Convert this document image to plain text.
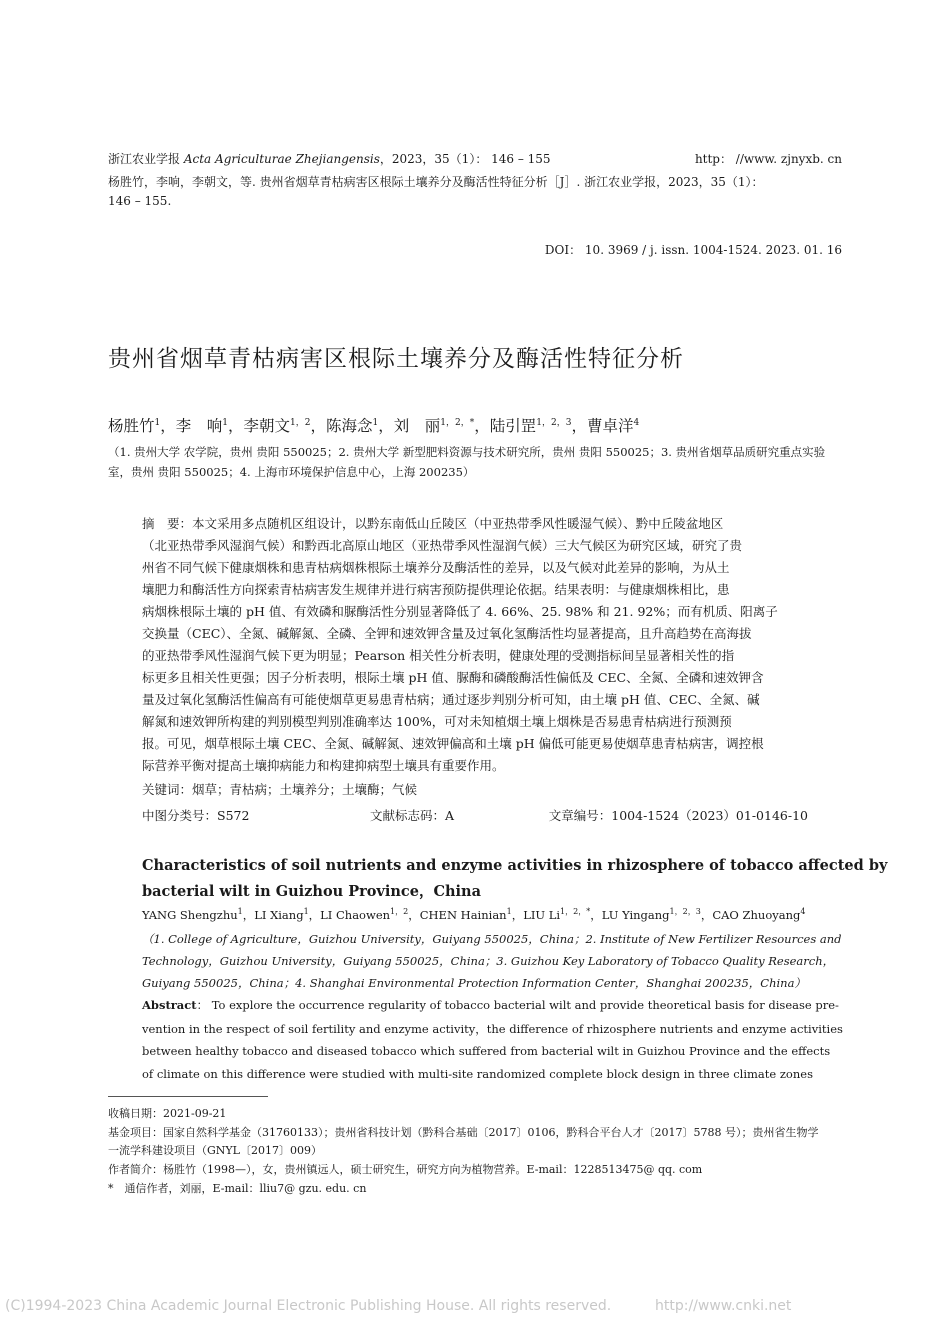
浙江农业学报 Acta Agriculturae Zhejiangensis，2023，35（1）： 146 – 155	http： //www. zjnyxb. cn
杨胜竹，李响，李朝文，等. 贵州省烟草青枯病害区根际土壤养分及酶活性特征分析［J］. 浙江农业学报，2023，35（1）：
146 – 155.
DOI： 10. 3969 / j. issn. 1004-1524. 2023. 01. 16
贵州省烟草青枯病害区根际土壤养分及酶活性特征分析
杨胜竹$^1$，李　响$^1$，李朝文$^{1,2}$，陈海念$^1$，刘　丽$^{1,2,*}$，陆引罡$^{1,2,3}$，曹卓洋$^4$
（1. 贵州大学 农学院，贵州 贵阳 550025；2. 贵州大学 新型肥料资源与技术研究所，贵州 贵阳 550025；3. 贵州省烟草品质研究重点实验室，贵州 贵阳 550025；4. 上海市环境保护信息中心，上海 200235）
摘　要：本文采用多点随机区组设计，以黔东南低山丘陵区（中亚热带季风性暖湿气候）、黔中丘陵盆地区
（北亚热带季风湿润气候）和黔西北高原山地区（亚热带季风性湿润气候）三大气候区为研究区域，研究了贵
州省不同气候下健康烟株和患青枯病烟株根际土壤养分及酶活性的差异，以及气候对此差异的影响，为从土
壤肥力和酶活性方向探索青枯病害发生规律并进行病害预防提供理论依据。结果表明：与健康烟株相比，患
病烟株根际土壤的 pH 值、有效磷和脲酶活性分别显著降低了 4. 66%、25. 98% 和 21. 92%；而有机质、阳离子
交换量（CEC）、全氮、碱解氮、全磷、全钾和速效钾含量及过氧化氢酶活性均显著提高，且升高趋势在高海拔
的亚热带季风性湿润气候下更为明显；Pearson 相关性分析表明，健康处理的受测指标间呈显著相关性的指
标更多且相关性更强；因子分析表明，根际土壤 pH 值、脲酶和磷酸酶活性偏低及 CEC、全氮、全磷和速效钾含
量及过氧化氢酶活性偏高有可能使烟草更易患青枯病；通过逐步判别分析可知，由土壤 pH 值、CEC、全氮、碱
解氮和速效钾所构建的判别模型判别准确率达 100%，可对未知植烟土壤上烟株是否易患青枯病进行预测预
报。可见，烟草根际土壤 CEC、全氮、碱解氮、速效钾偏高和土壤 pH 偏低可能更易使烟草患青枯病害，调控根
际营养平衡对提高土壤抑病能力和构建抑病型土壤具有重要作用。
关键词：烟草；青枯病；土壤养分；土壤酶；气候
中图分类号：S572	文献标志码：A	文章编号：1004-1524（2023）01-0146-10
Characteristics of soil nutrients and enzyme activities in rhizosphere of tobacco affected by
bacterial wilt in Guizhou Province，China
YANG Shengzhu$^1$，LI Xiang$^1$，LI Chaowen$^{1,2}$，CHEN Hainian$^1$，LIU $Li^{1,2,*}$，LU Yingang$^{1,2,3}$，CAO Zhuoyang$^4$
（1. College of Agriculture，Guizhou University，Guiyang 550025，China；2. Institute of New Fertilizer Resources and
Technology，Guizhou University，Guiyang 550025，China；3. Guizhou Key Laboratory of Tobacco Quality Research，
Guiyang 550025，China；4. Shanghai Environmental Protection Information Center，Shanghai 200235，China）
Abstract： To explore the occurrence regularity of tobacco bacterial wilt and provide theoretical basis for disease pre-
vention in the respect of soil fertility and enzyme activity，the difference of rhizosphere nutrients and enzyme activities
between healthy tobacco and diseased tobacco which suffered from bacterial wilt in Guizhou Province and the effects
of climate on this difference were studied with multi-site randomized complete block design in three climate zones
收稿日期：2021-09-21
基金项目：国家自然科学基金（31760133）；贵州省科技计划（黔科合基础〔2017〕0106，黔科合平台人才〔2017〕5788 号）；贵州省生物学
一流学科建设项目（GNYL〔2017〕009）
作者简介：杨胜竹（1998—），女，贵州镇远人，硕士研究生，研究方向为植物营养。E-mail：1228513475@ qq. com
*　通信作者，刘丽，E-mail：lliu7@ gzu. edu. cn
(C)1994-2023 China Academic Journal Electronic Publishing House. All rights reserved.	http://www.cnki.net
